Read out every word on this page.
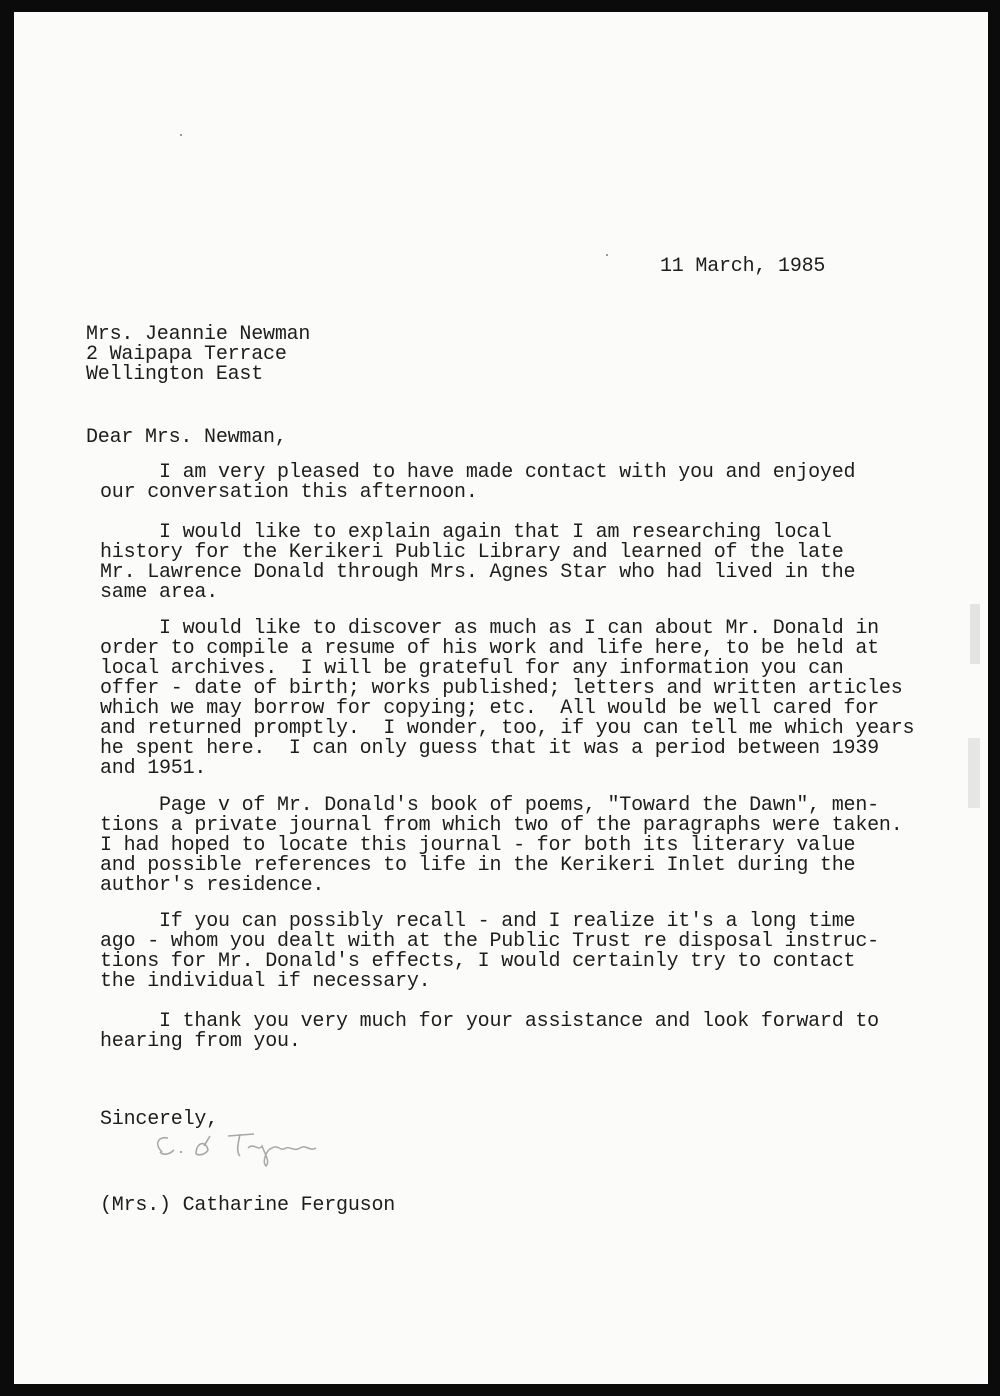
11 March, 1985
Mrs. Jeannie Newman
2 Waipapa Terrace
Wellington East
Dear Mrs. Newman,
I am very pleased to have made contact with you and enjoyed
our conversation this afternoon.
I would like to explain again that I am researching local
history for the Kerikeri Public Library and learned of the late
Mr. Lawrence Donald through Mrs. Agnes Star who had lived in the
same area.
I would like to discover as much as I can about Mr. Donald in
order to compile a resume of his work and life here, to be held at
local archives.  I will be grateful for any information you can
offer - date of birth; works published; letters and written articles
which we may borrow for copying; etc.  All would be well cared for
and returned promptly.  I wonder, too, if you can tell me which years
he spent here.  I can only guess that it was a period between 1939
and 1951.
Page v of Mr. Donald's book of poems, "Toward the Dawn", men-
tions a private journal from which two of the paragraphs were taken.
I had hoped to locate this journal - for both its literary value
and possible references to life in the Kerikeri Inlet during the
author's residence.
If you can possibly recall - and I realize it's a long time
ago - whom you dealt with at the Public Trust re disposal instruc-
tions for Mr. Donald's effects, I would certainly try to contact
the individual if necessary.
I thank you very much for your assistance and look forward to
hearing from you.
Sincerely,
(Mrs.) Catharine Ferguson
